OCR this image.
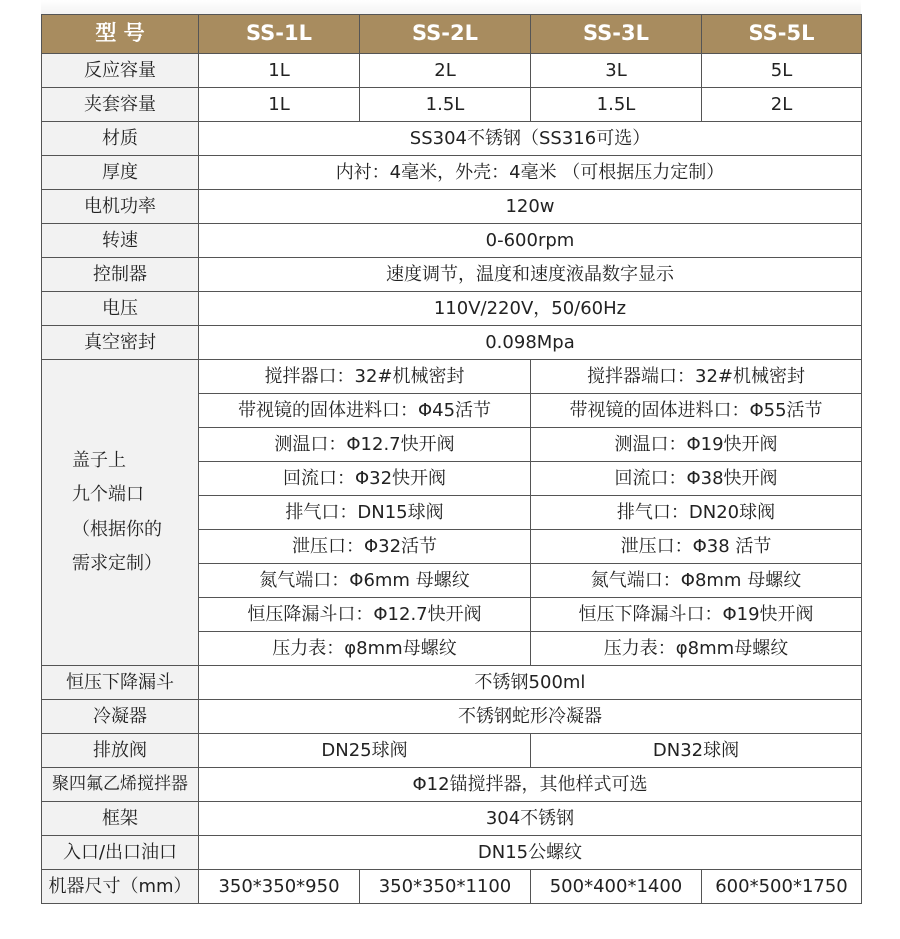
型 号	SS-1L	SS-2L	SS-3L	SS-5L
反应容量	1L	2L	3L	5L
夹套容量	1L	1.5L	1.5L	2L
材质	SS304不锈钢（SS316可选）			
厚度	内衬：4毫米，外壳：4毫米 （可根据压力定制）			
电机功率	120w			
转速	0-600rpm			
控制器	速度调节，温度和速度液晶数字显示			
电压	110V/220V，50/60Hz			
真空密封	0.098Mpa			

盖子上
九个端口
（根据你的
需求定制）	搅拌器口：32#机械密封		搅拌器端口：32#机械密封	
	带视镜的固体进料口：Φ45活节		带视镜的固体进料口：Φ55活节	
	测温口：Φ12.7快开阀		测温口：Φ19快开阀	
	回流口：Φ32快开阀		回流口：Φ38快开阀	
	排气口：DN15球阀		排气口：DN20球阀	
	泄压口：Φ32活节		泄压口：Φ38 活节	
	氮气端口：Φ6mm 母螺纹		氮气端口：Φ8mm 母螺纹	
	恒压降漏斗口：Φ12.7快开阀		恒压下降漏斗口：Φ19快开阀	
	压力表：φ8mm母螺纹		压力表：φ8mm母螺纹	
恒压下降漏斗	不锈钢500ml			
冷凝器	不锈钢蛇形冷凝器			
排放阀	DN25球阀		DN32球阀	
聚四氟乙烯搅拌器	Φ12锚搅拌器，其他样式可选			
框架	304不锈钢			
入口/出口油口	DN15公螺纹			
机器尺寸（mm）	350*350*950	350*350*1100	500*400*1400	600*500*1750
